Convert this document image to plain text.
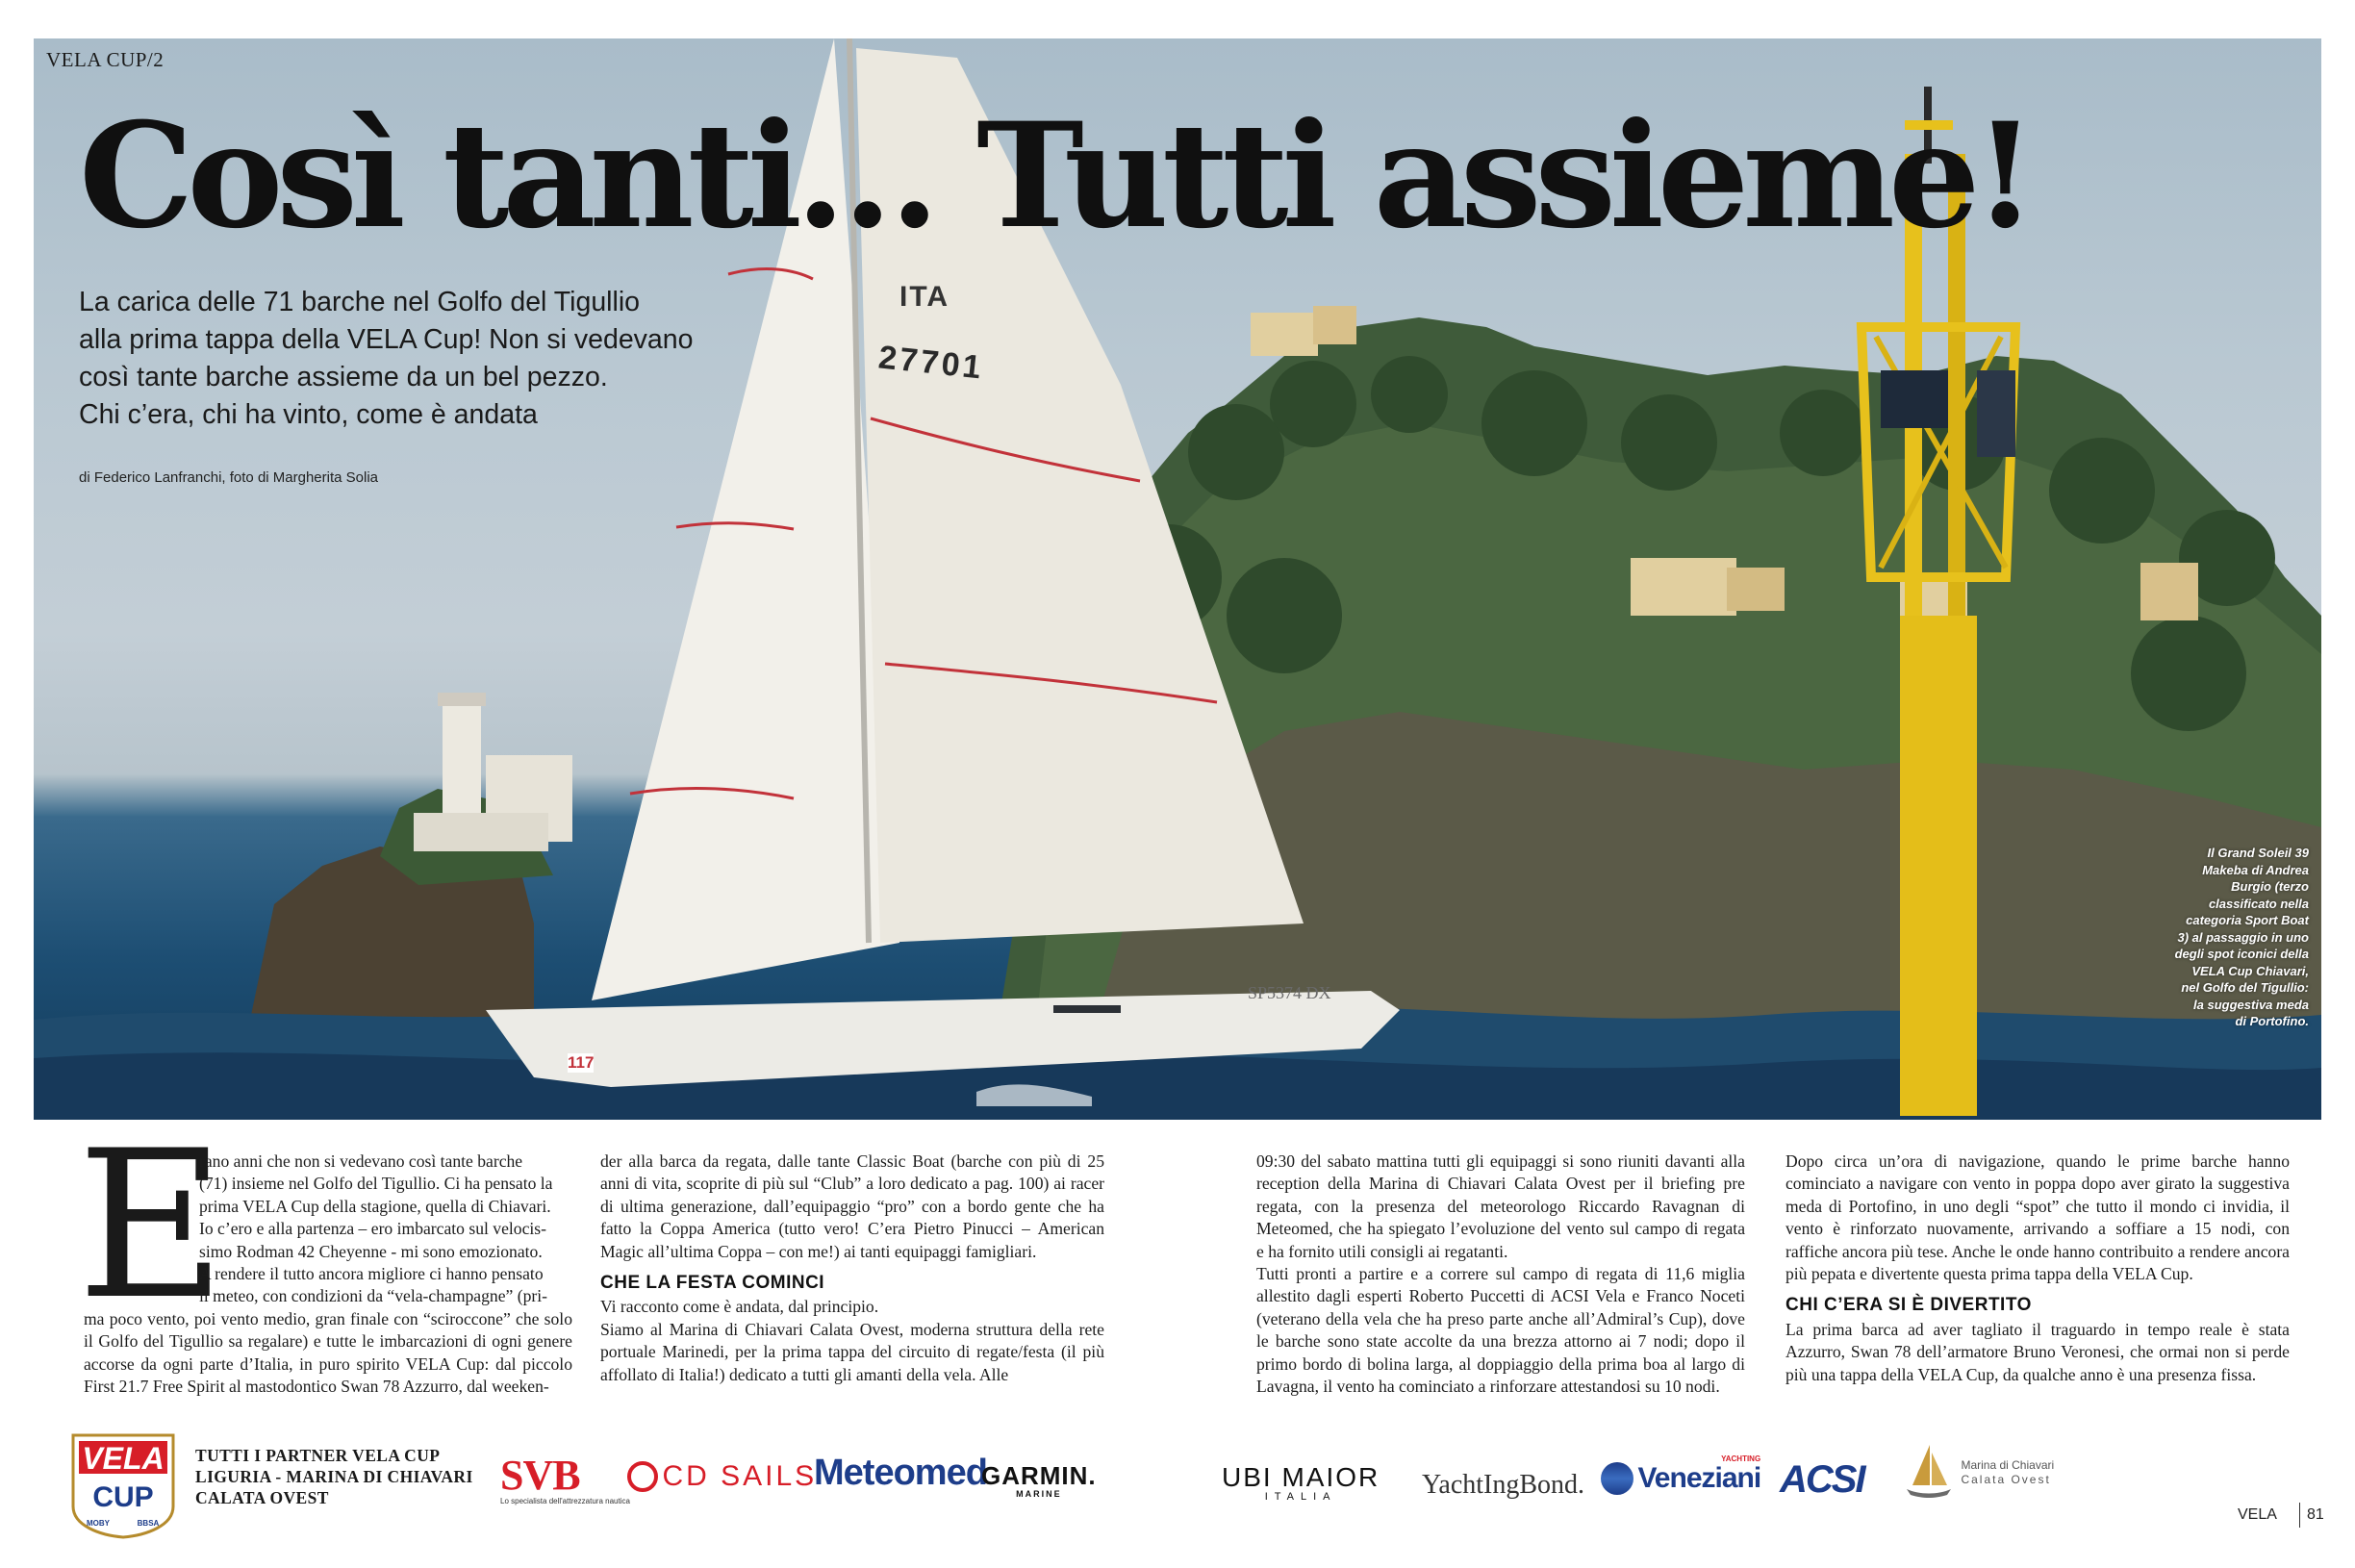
ITA
27701
SP5374 DX
117
VELA CUP/2
Così tanti… Tutti assieme!
La carica delle 71 barche nel Golfo del Tigullio
alla prima tappa della VELA Cup! Non si vedevano
così tante barche assieme da un bel pezzo.
Chi c’era, chi ha vinto, come è andata
di Federico Lanfranchi, foto di Margherita Solia
Il Grand Soleil 39
Makeba di Andrea
Burgio (terzo
classificato nella
categoria Sport Boat
3) al passaggio in uno
degli spot iconici della
VELA Cup Chiavari,
nel Golfo del Tigullio:
la suggestiva meda
di Portofino.
E

rano anni che non si vedevano così tante barche

(71) insieme nel Golfo del Tigullio. Ci ha pensato la

prima VELA Cup della stagione, quella di Chiavari.

Io c’ero e alla partenza – ero imbarcato sul velocis-

simo Rodman 42 Cheyenne - mi sono emozionato.

A rendere il tutto ancora migliore ci hanno pensato

il meteo, con condizioni da “vela-champagne” (pri-

ma poco vento, poi vento medio, gran finale con “sciroccone” che solo il Golfo del Tigullio sa regalare) e tutte le imbarcazioni di ogni genere accorse da ogni parte d’Italia, in puro spirito VELA Cup: dal piccolo First 21.7 Free Spirit al mastodontico Swan 78 Azzurro, dal weeken-

der alla barca da regata, dalle tante Classic Boat (barche con più di 25 anni di vita, scoprite di più sul “Club” a loro dedicato a pag. 100) ai racer di ultima generazione, dall’equipaggio “pro” con a bordo gente che ha fatto la Coppa America (tutto vero! C’era Pietro Pinucci – American Magic all’ultima Coppa – con me!) ai tanti equipaggi famigliari.

CHE LA FESTA COMINCI

Vi racconto come è andata, dal principio.

Siamo al Marina di Chiavari Calata Ovest, moderna struttura della rete portuale Marinedi, per la prima tappa del circuito di regate/festa (il più affollato di Italia!) dedicato a tutti gli amanti della vela. Alle

09:30 del sabato mattina tutti gli equipaggi si sono riuniti davanti alla reception della Marina di Chiavari Calata Ovest per il briefing pre regata, con la presenza del meteorologo Riccardo Ravagnan di Meteomed, che ha spiegato l’evoluzione del vento sul campo di regata e ha fornito utili consigli ai regatanti.

Tutti pronti a partire e a correre sul campo di regata di 11,6 miglia allestito dagli esperti Roberto Puccetti di ACSI Vela e Franco Noceti (veterano della vela che ha preso parte anche all’Admiral’s Cup), dove le barche sono state accolte da una brezza attorno ai 7 nodi; dopo il primo bordo di bolina larga, al doppiaggio della prima boa al largo di Lavagna, il vento ha cominciato a rinforzare attestandosi su 10 nodi.

Dopo circa un’ora di navigazione, quando le prime barche hanno cominciato a navigare con vento in poppa dopo aver girato la suggestiva meda di Portofino, in uno degli “spot” che tutto il mondo ci invidia, il vento è rinforzato nuovamente, arrivando a soffiare a 15 nodi, con raffiche ancora più tese. Anche le onde hanno contribuito a rendere ancora più pepata e divertente questa prima tappa della VELA Cup.

CHI C’ERA SI È DIVERTITO

La prima barca ad aver tagliato il traguardo in tempo reale è stata Azzurro, Swan 78 dell’armatore Bruno Veronesi, che ormai non si perde più una tappa della VELA Cup, da qualche anno è una presenza fissa.

VELA
CUP
MOBY	BBSA
TUTTI I PARTNER VELA CUP
LIGURIA - MARINA DI CHIAVARI
CALATA OVEST	SVB
Lo specialista dell'attrezzatura nautica
CD SAILS
Meteomed
GARMIN.
MARINE
UBI MAIOR
ITALIA	YachtIngBond.

YACHTING
Veneziani ACSI	Marina di Chiavari
Calata Ovest
VELA 81
